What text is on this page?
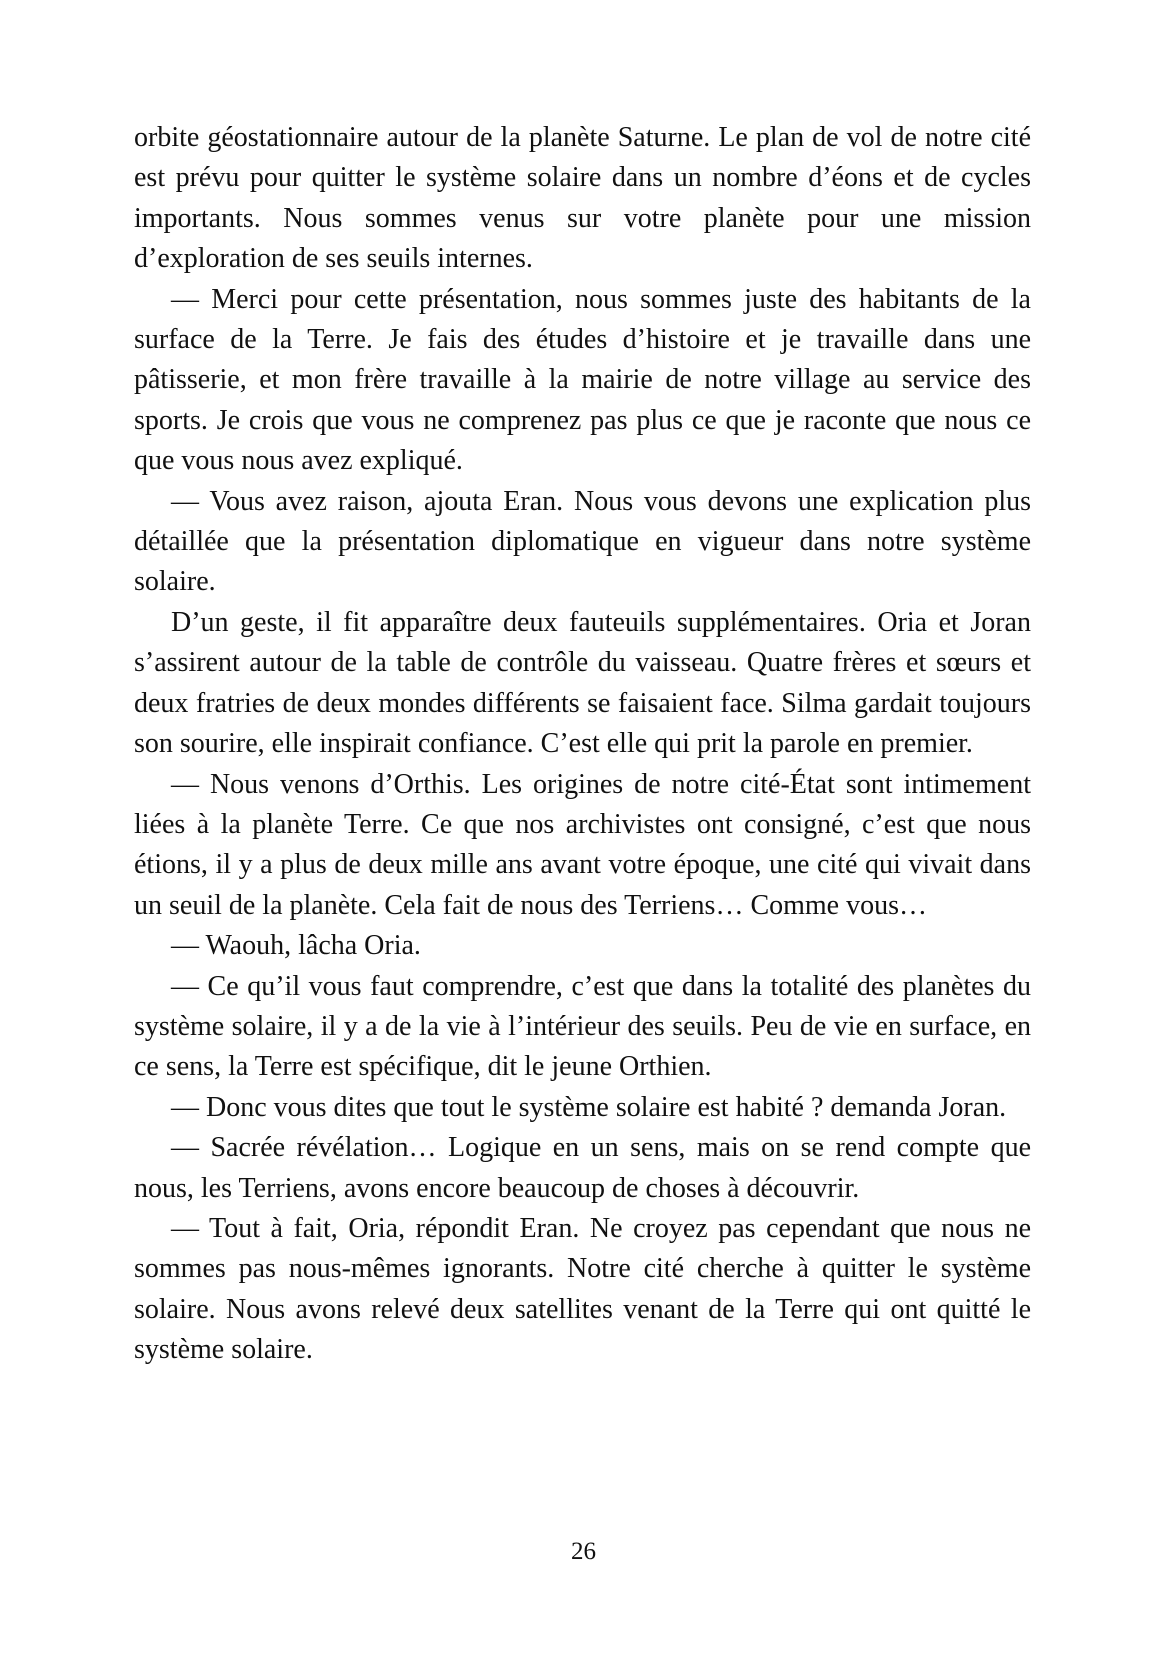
orbite géostationnaire autour de la planète Saturne. Le plan de vol de notre cité est prévu pour quitter le système solaire dans un nombre d’éons et de cycles importants. Nous sommes venus sur votre planète pour une mission d’exploration de ses seuils internes.

— Merci pour cette présentation, nous sommes juste des habitants de la surface de la Terre. Je fais des études d’histoire et je travaille dans une pâtisserie, et mon frère travaille à la mairie de notre village au service des sports. Je crois que vous ne comprenez pas plus ce que je raconte que nous ce que vous nous avez expliqué.

— Vous avez raison, ajouta Eran. Nous vous devons une explication plus détaillée que la présentation diplomatique en vigueur dans notre système solaire.

D’un geste, il fit apparaître deux fauteuils supplémentaires. Oria et Joran s’assirent autour de la table de contrôle du vaisseau. Quatre frères et sœurs et deux fratries de deux mondes différents se faisaient face. Silma gardait toujours son sourire, elle inspirait confiance. C’est elle qui prit la parole en premier.

— Nous venons d’Orthis. Les origines de notre cité-État sont intimement liées à la planète Terre. Ce que nos archivistes ont consigné, c’est que nous étions, il y a plus de deux mille ans avant votre époque, une cité qui vivait dans un seuil de la planète. Cela fait de nous des Terriens… Comme vous…

— Waouh, lâcha Oria.

— Ce qu’il vous faut comprendre, c’est que dans la totalité des planètes du système solaire, il y a de la vie à l’intérieur des seuils. Peu de vie en surface, en ce sens, la Terre est spécifique, dit le jeune Orthien.

— Donc vous dites que tout le système solaire est habité ? demanda Joran.

— Sacrée révélation… Logique en un sens, mais on se rend compte que nous, les Terriens, avons encore beaucoup de choses à découvrir.

— Tout à fait, Oria, répondit Eran. Ne croyez pas cependant que nous ne sommes pas nous-mêmes ignorants. Notre cité cherche à quitter le système solaire. Nous avons relevé deux satellites venant de la Terre qui ont quitté le système solaire.

26
